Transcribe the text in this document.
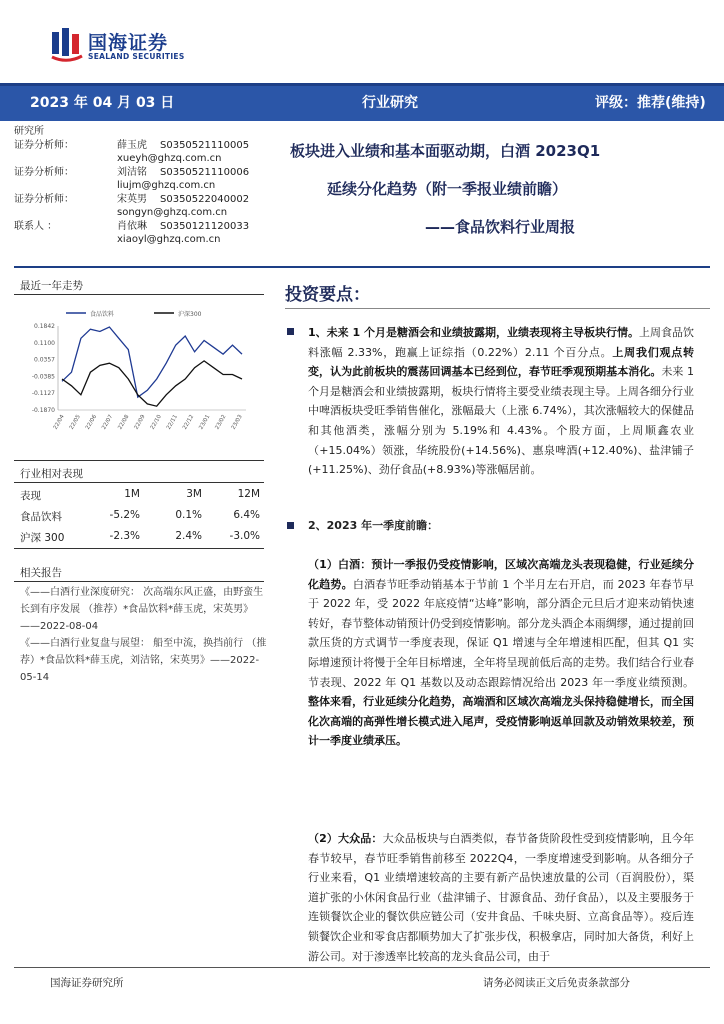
国海证券
SEALAND SECURITIES
2023 年 04 月 03 日	行业研究	评级：推荐(维持)
研究所
证券分析师：	薛玉虎 S0350521110005
xueyh@ghzq.com.cn
证券分析师：	刘洁铭 S0350521110006
liujm@ghzq.com.cn
证券分析师：	宋英男 S0350522040002
songyn@ghzq.com.cn
联系人 ：	肖依琳 S0350121120033
xiaoyl@ghzq.com.cn
板块进入业绩和基本面驱动期，白酒 2023Q1
延续分化趋势（附一季报业绩前瞻）
——食品饮料行业周报
最近一年走势
食品饮料	沪深300
0.1842
0.1100
0.0357
-0.0385
-0.1127
-0.1870
22/04 22/05 22/06 22/07 22/08 22/09 22/10 22/11 22/12 23/01 23/02 23/03
行业相对表现
表现	1M	3M	12M
食品饮料	-5.2%	0.1%	6.4%
沪深 300	-2.3%	2.4%	-3.0%
相关报告
《——白酒行业深度研究： 次高端东风正盛，由野蛮生长到有序发展 （推荐）*食品饮料*薛玉虎，宋英男》——2022-08-04
《——白酒行业复盘与展望： 船至中流，换挡前行 （推荐）*食品饮料*薛玉虎，刘洁铭，宋英男》——2022-05-14
投资要点：
1、未来 1 个月是糖酒会和业绩披露期，业绩表现将主导板块行情。上周食品饮料涨幅 2.33%，跑赢上证综指（0.22%）2.11 个百分点。上周我们观点转变，认为此前板块的震荡回调基本已经到位，春节旺季观预期基本消化。未来 1 个月是糖酒会和业绩披露期，板块行情将主要受业绩表现主导。上周各细分行业中啤酒板块受旺季销售催化，涨幅最大（上涨 6.74%），其次涨幅较大的保健品和其他酒类，涨幅分别为 5.19%和 4.43%。个股方面，上周顺鑫农业（+15.04%）领涨，华统股份(+14.56%)、惠泉啤酒(+12.40%)、盐津铺子(+11.25%)、劲仔食品(+8.93%)等涨幅居前。
2、2023 年一季度前瞻：
（1）白酒：预计一季报仍受疫情影响，区域次高端龙头表现稳健，行业延续分化趋势。白酒春节旺季动销基本于节前 1 个半月左右开启，而 2023 年春节早于 2022 年，受 2022 年底疫情“达峰”影响，部分酒企元旦后才迎来动销快速转好，春节整体动销预计仍受到疫情影响。部分龙头酒企本雨绸缪，通过提前回款压货的方式调节一季度表现，保证 Q1 增速与全年增速相匹配，但其 Q1 实际增速预计将慢于全年目标增速，全年将呈现前低后高的走势。我们结合行业春节表现、2022 年 Q1 基数以及动态跟踪情况给出 2023 年一季度业绩预测。整体来看，行业延续分化趋势，高端酒和区域次高端龙头保持稳健增长，而全国化次高端的高弹性增长模式进入尾声，受疫情影响返单回款及动销效果较差，预计一季度业绩承压。
（2）大众品：大众品板块与白酒类似，春节备货阶段性受到疫情影响，且今年春节较早，春节旺季销售前移至 2022Q4，一季度增速受到影响。从各细分子行业来看，Q1 业绩增速较高的主要有新产品快速放量的公司（百润股份），渠道扩张的小休闲食品行业（盐津铺子、甘源食品、劲仔食品），以及主要服务于连锁餐饮企业的餐饮供应链公司（安井食品、千味央厨、立高食品等）。疫后连锁餐饮企业和零食店都顺势加大了扩张步伐，积极拿店，同时加大备货，利好上游公司。对于渗透率比较高的龙头食品公司，由于
国海证券研究所	请务必阅读正文后免责条款部分
